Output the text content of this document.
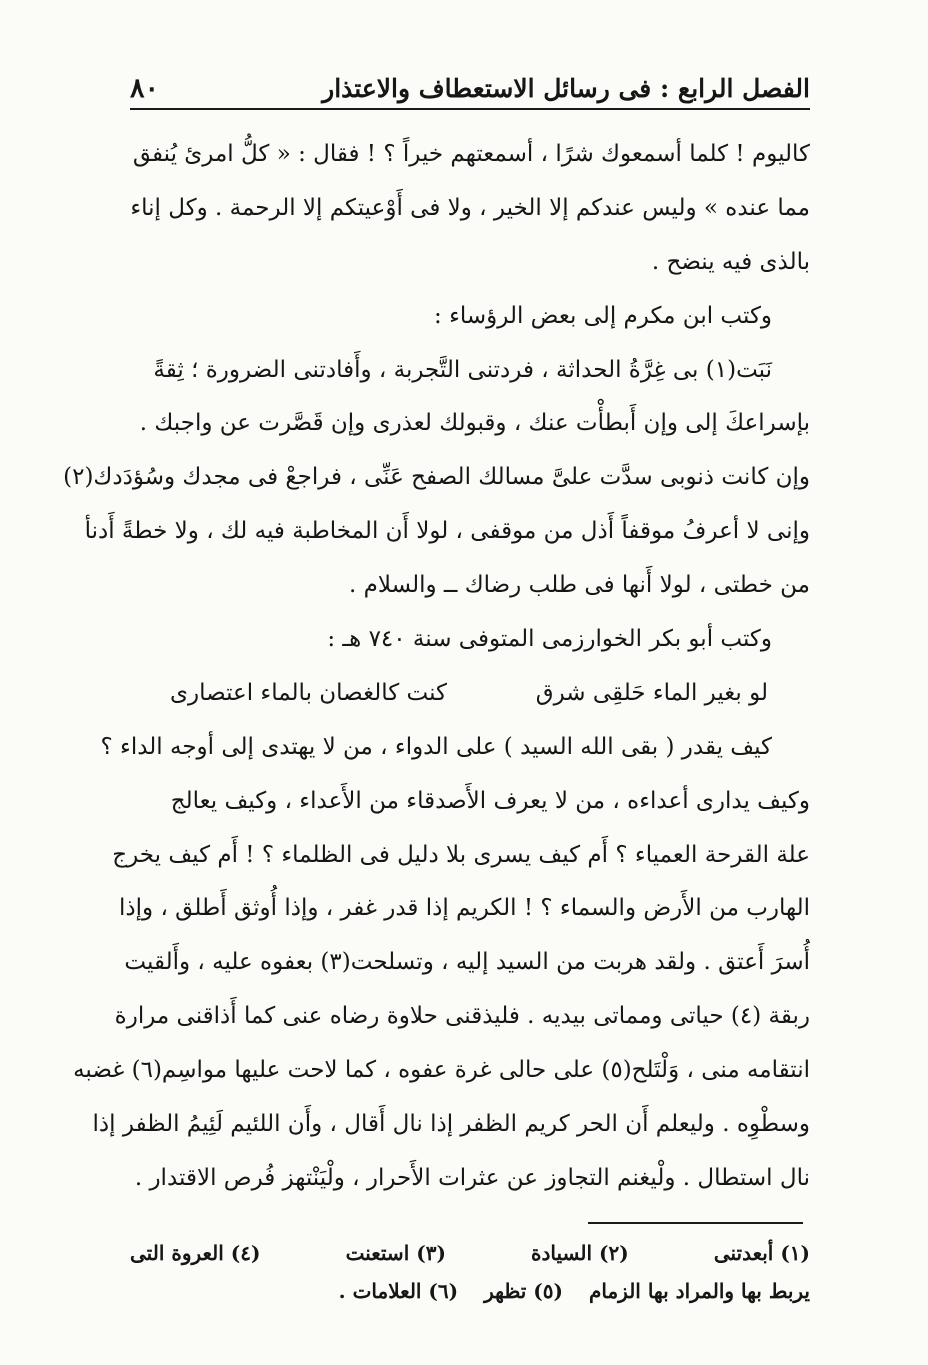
الفصل الرابع : فى رسائل الاستعطاف والاعتذار
٨٠
كاليوم ! كلما أسمعوك شرًا ، أسمعتهم خيراً ؟ ! فقال : « كلُّ امرئ يُنفق
مما عنده » وليس عندكم إلا الخير ، ولا فى أَوْعيتكم إلا الرحمة . وكل إناء
بالذى فيه ينضح .
وكتب ابن مكرم إلى بعض الرؤساء :
نَبَت(١) بى غِرَّةُ الحداثة ، فردتنى التَّجربة ، وأَفادتنى الضرورة ؛ ثِقةً
بإسراعكَ إلى وإن أَبطأْت عنك ، وقبولك لعذرى وإن قَصَّرت عن واجبك .
وإن كانت ذنوبى سدَّت علىَّ مسالك الصفح عَنِّى ، فراجعْ فى مجدك وسُؤدَدك(٢)
وإنى لا أعرفُ موقفاً أَذل من موقفى ، لولا أَن المخاطبة فيه لك ، ولا خطةً أَدنأ
من خطتى ، لولا أَنها فى طلب رضاك ــ والسلام .
وكتب أبو بكر الخوارزمى المتوفى سنة ٧٤٠ هـ :
لو بغير الماء حَلقِى شرق
كنت كالغصان بالماء اعتصارى
كيف يقدر ( بقى الله السيد ) على الدواء ، من لا يهتدى إلى أوجه الداء ؟
وكيف يدارى أعداءه ، من لا يعرف الأَصدقاء من الأَعداء ، وكيف يعالج
علة القرحة العمياء ؟ أَم كيف يسرى بلا دليل فى الظلماء ؟ ! أَم كيف يخرج
الهارب من الأَرض والسماء ؟ ! الكريم إذا قدر غفر ، وإذا أُوثق أَطلق ، وإذا
أُسرَ أَعتق . ولقد هربت من السيد إليه ، وتسلحت(٣) بعفوه عليه ، وأَلقيت
ربقة (٤) حياتى ومماتى بيديه . فليذقنى حلاوة رضاه عنى كما أَذاقنى مرارة
انتقامه منى ، وَلْتَلح(٥) على حالى غرة عفوه ، كما لاحت عليها مواسِم(٦) غضبه
وسطْوِه . وليعلم أَن الحر كريم الظفر إذا نال أَقال ، وأَن اللئيم لَئِيمُ الظفر إذا
نال استطال . ولْيغنم التجاوز عن عثرات الأَحرار ، ولْيَنْتهز فُرص الاقتدار .
(١) أبعدتنى
(٢) السيادة
(٣) استعنت
(٤) العروة التى
يربط بها والمراد بها الزمام
(٥) تظهر
(٦) العلامات .
